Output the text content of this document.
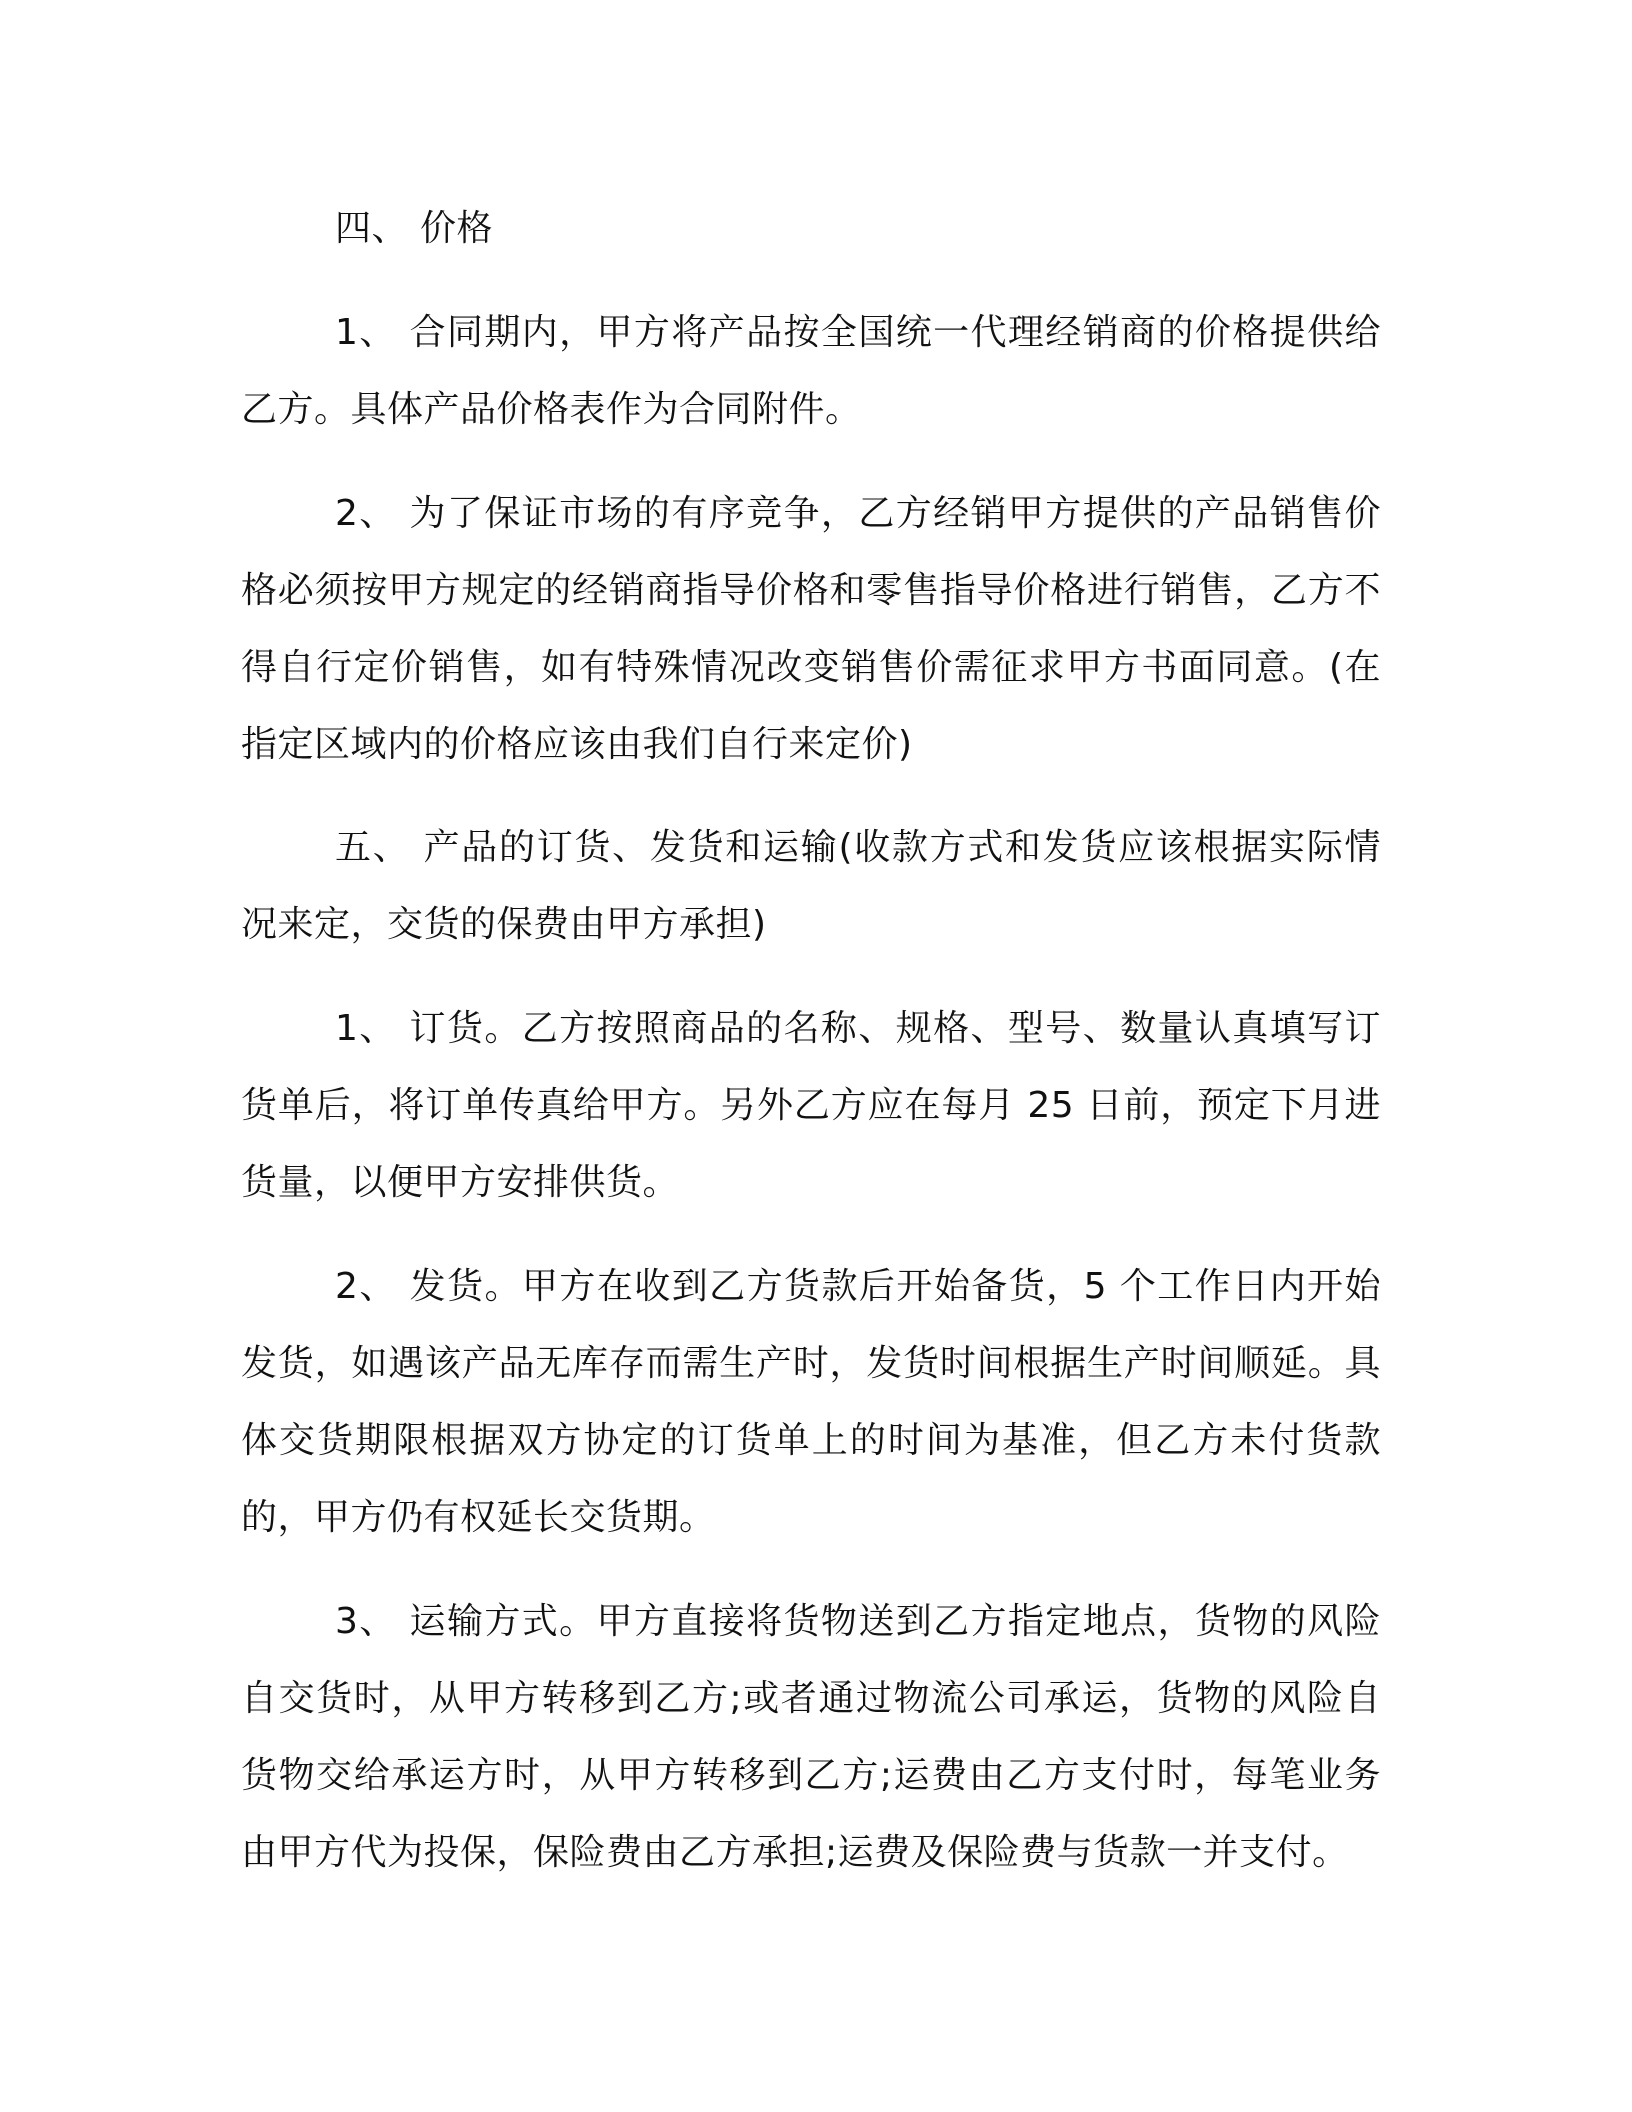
四、 价格

1、 合同期内，甲方将产品按全国统一代理经销商的价格提供给乙方。具体产品价格表作为合同附件。

2、 为了保证市场的有序竞争，乙方经销甲方提供的产品销售价格必须按甲方规定的经销商指导价格和零售指导价格进行销售，乙方不得自行定价销售，如有特殊情况改变销售价需征求甲方书面同意。(在指定区域内的价格应该由我们自行来定价)

五、 产品的订货、发货和运输(收款方式和发货应该根据实际情况来定，交货的保费由甲方承担)

1、 订货。乙方按照商品的名称、规格、型号、数量认真填写订货单后，将订单传真给甲方。另外乙方应在每月 25 日前，预定下月进货量，以便甲方安排供货。

2、 发货。甲方在收到乙方货款后开始备货，5 个工作日内开始发货，如遇该产品无库存而需生产时，发货时间根据生产时间顺延。具体交货期限根据双方协定的订货单上的时间为基准，但乙方未付货款的，甲方仍有权延长交货期。

3、 运输方式。甲方直接将货物送到乙方指定地点，货物的风险自交货时，从甲方转移到乙方;或者通过物流公司承运，货物的风险自货物交给承运方时，从甲方转移到乙方;运费由乙方支付时，每笔业务由甲方代为投保，保险费由乙方承担;运费及保险费与货款一并支付。
